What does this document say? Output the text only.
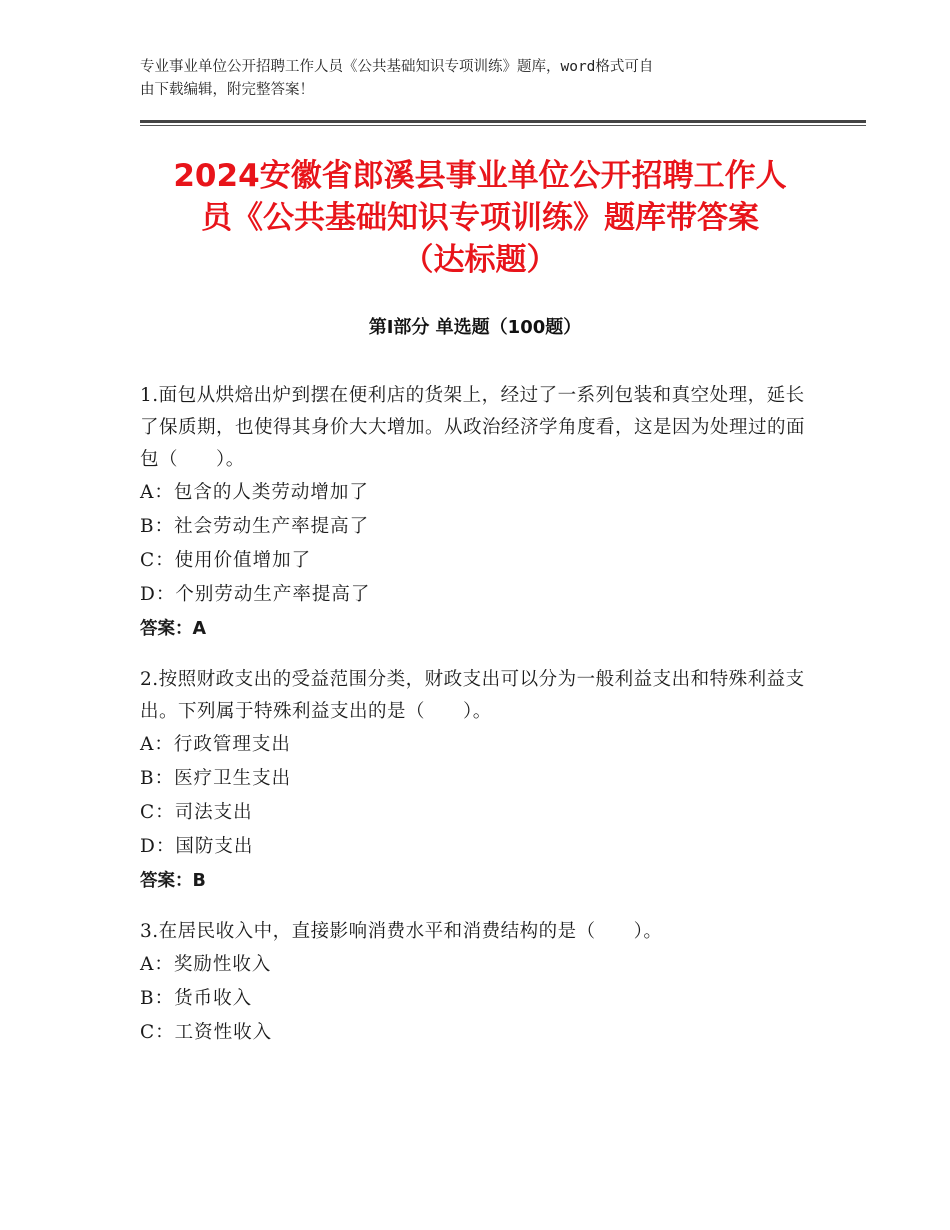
专业事业单位公开招聘工作人员《公共基础知识专项训练》题库，word格式可自
由下载编辑，附完整答案！
2024安徽省郎溪县事业单位公开招聘工作人
员《公共基础知识专项训练》题库带答案
（达标题）
第Ⅰ部分 单选题（100题）
1.面包从烘焙出炉到摆在便利店的货架上，经过了一系列包装和真空处理，延长了保质期，也使得其身价大大增加。从政治经济学角度看，这是因为处理过的面包（　　）。
A：包含的人类劳动增加了
B：社会劳动生产率提高了
C：使用价值增加了
D：个别劳动生产率提高了
答案：A
2.按照财政支出的受益范围分类，财政支出可以分为一般利益支出和特殊利益支出。下列属于特殊利益支出的是（　　）。
A：行政管理支出
B：医疗卫生支出
C：司法支出
D：国防支出
答案：B
3.在居民收入中，直接影响消费水平和消费结构的是（　　）。
A：奖励性收入
B：货币收入
C：工资性收入
